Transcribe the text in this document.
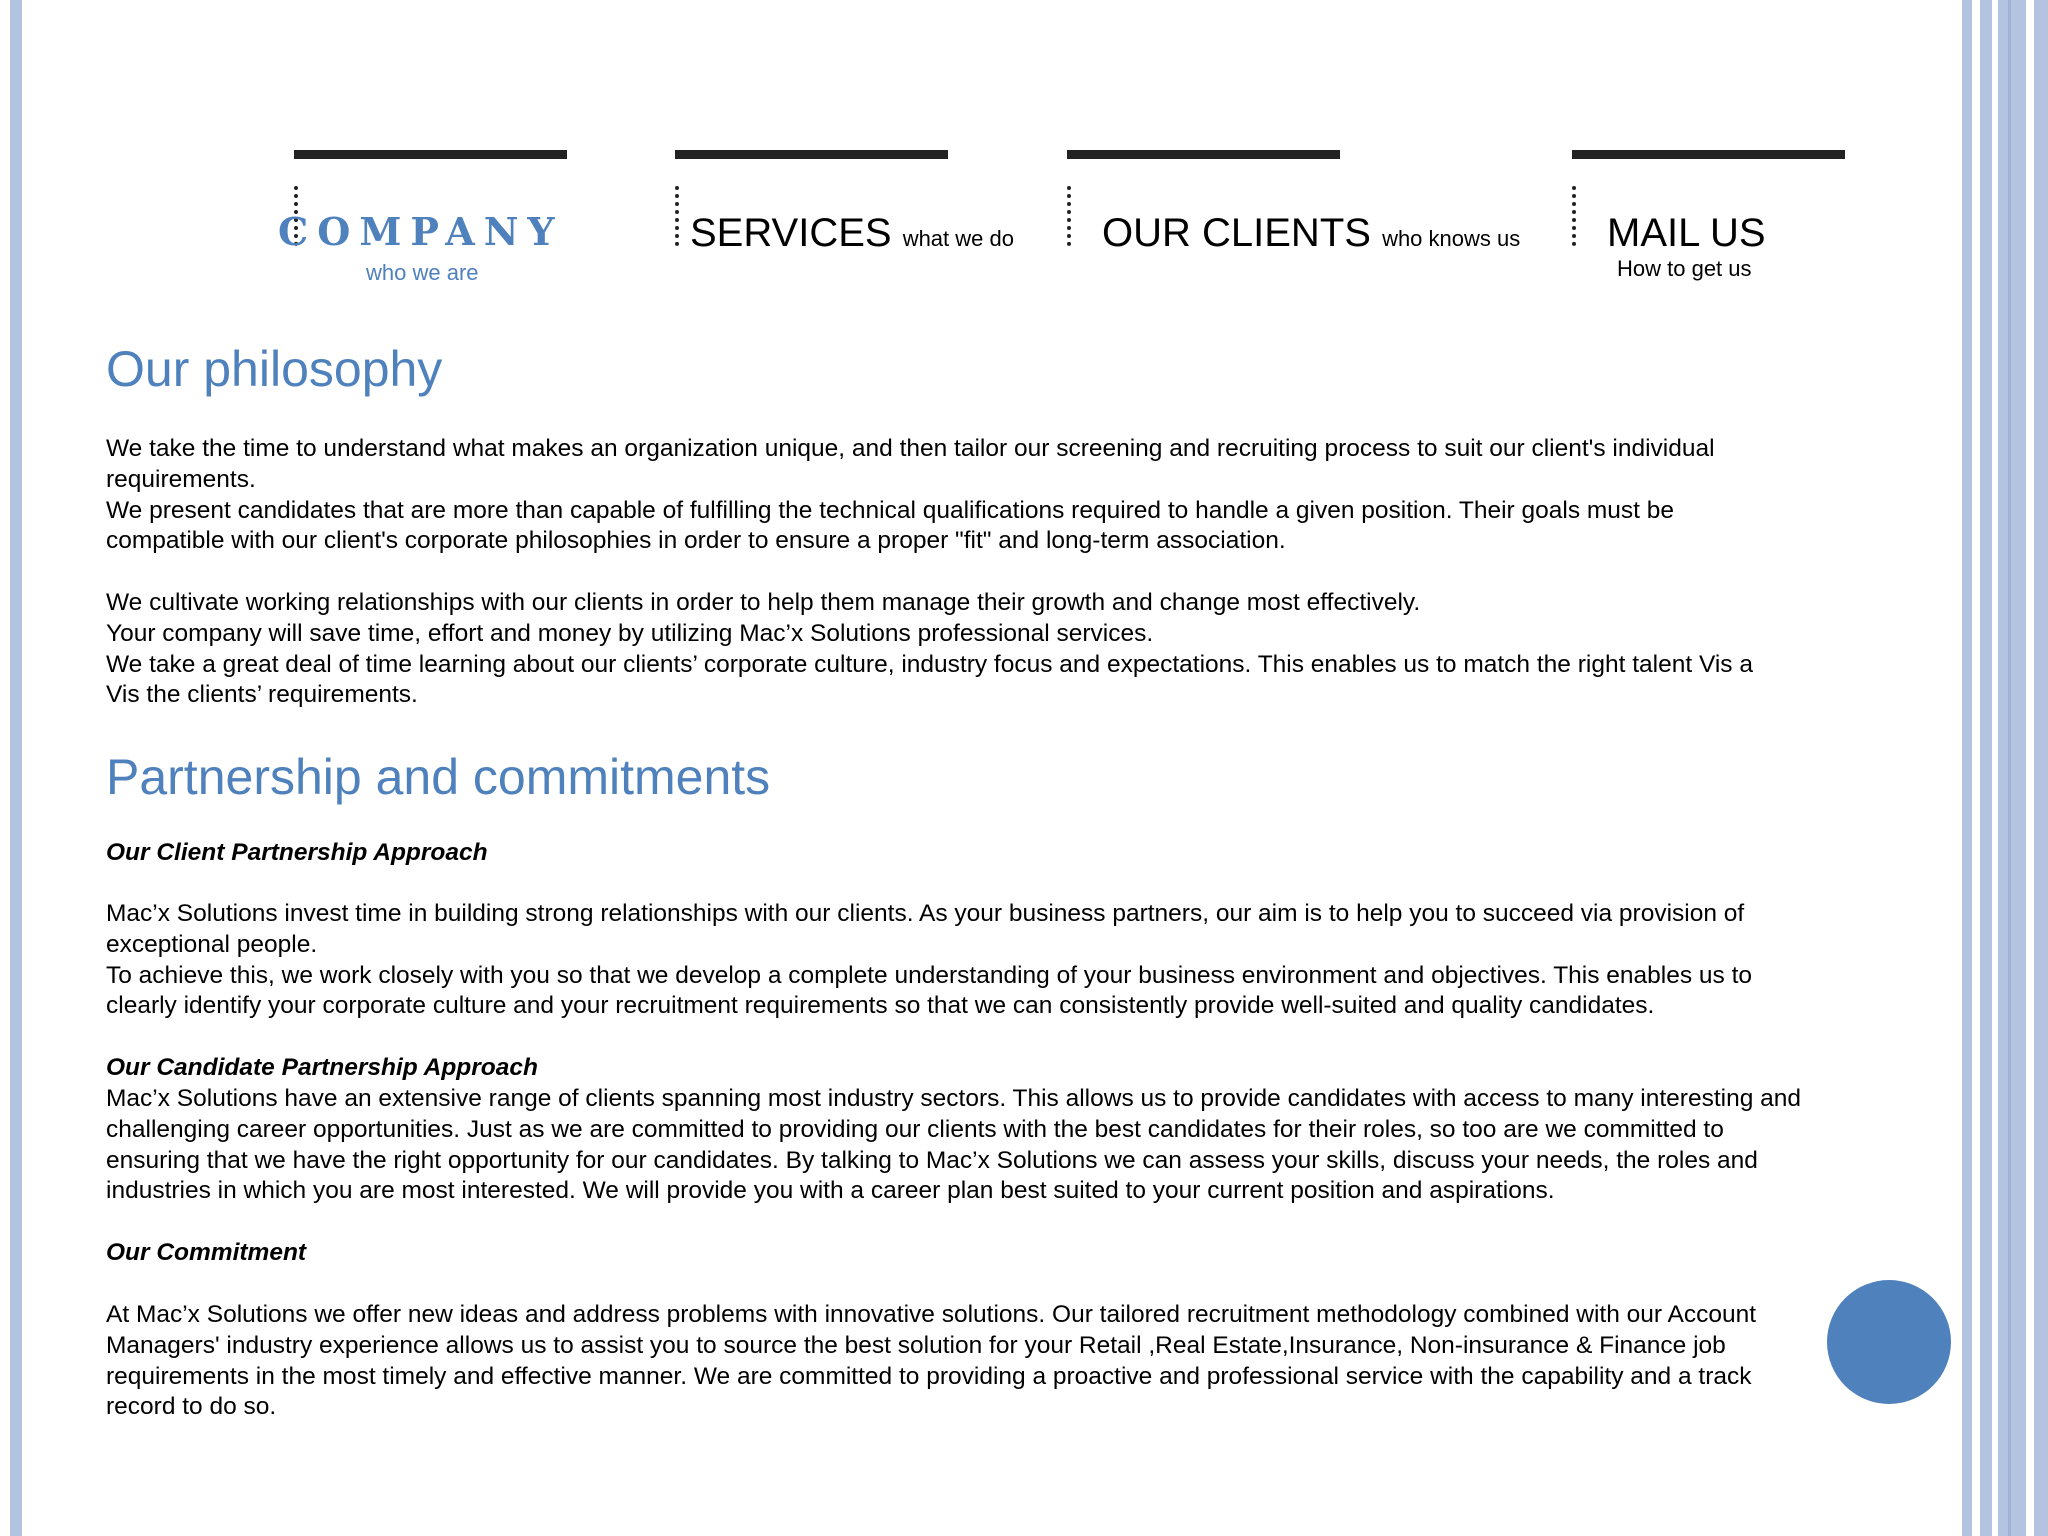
COMPANY
who we are
SERVICES what we do OUR CLIENTS who knows us MAIL US
How to get us
Our philosophy

We take the time to understand what makes an organization unique, and then tailor our screening and recruiting process to suit our client's individual
requirements.
We present candidates that are more than capable of fulfilling the technical qualifications required to handle a given position. Their goals must be
compatible with our client's corporate philosophies in order to ensure a proper "fit" and long-term association.

We cultivate working relationships with our clients in order to help them manage their growth and change most effectively.
Your company will save time, effort and money by utilizing Mac’x Solutions professional services.
We take a great deal of time learning about our clients’ corporate culture, industry focus and expectations. This enables us to match the right talent Vis a
Vis the clients’ requirements.

Partnership and commitments

Our Client Partnership Approach

Mac’x Solutions invest time in building strong relationships with our clients. As your business partners, our aim is to help you to succeed via provision of
exceptional people.
To achieve this, we work closely with you so that we develop a complete understanding of your business environment and objectives. This enables us to
clearly identify your corporate culture and your recruitment requirements so that we can consistently provide well-suited and quality candidates.

Our Candidate Partnership Approach

Mac’x Solutions have an extensive range of clients spanning most industry sectors. This allows us to provide candidates with access to many interesting and
challenging career opportunities. Just as we are committed to providing our clients with the best candidates for their roles, so too are we committed to
ensuring that we have the right opportunity for our candidates. By talking to Mac’x Solutions we can assess your skills, discuss your needs, the roles and
industries in which you are most interested. We will provide you with a career plan best suited to your current position and aspirations.

Our Commitment

At Mac’x Solutions we offer new ideas and address problems with innovative solutions. Our tailored recruitment methodology combined with our Account
Managers' industry experience allows us to assist you to source the best solution for your Retail ,Real Estate,Insurance, Non-insurance & Finance job
requirements in the most timely and effective manner. We are committed to providing a proactive and professional service with the capability and a track
record to do so.
